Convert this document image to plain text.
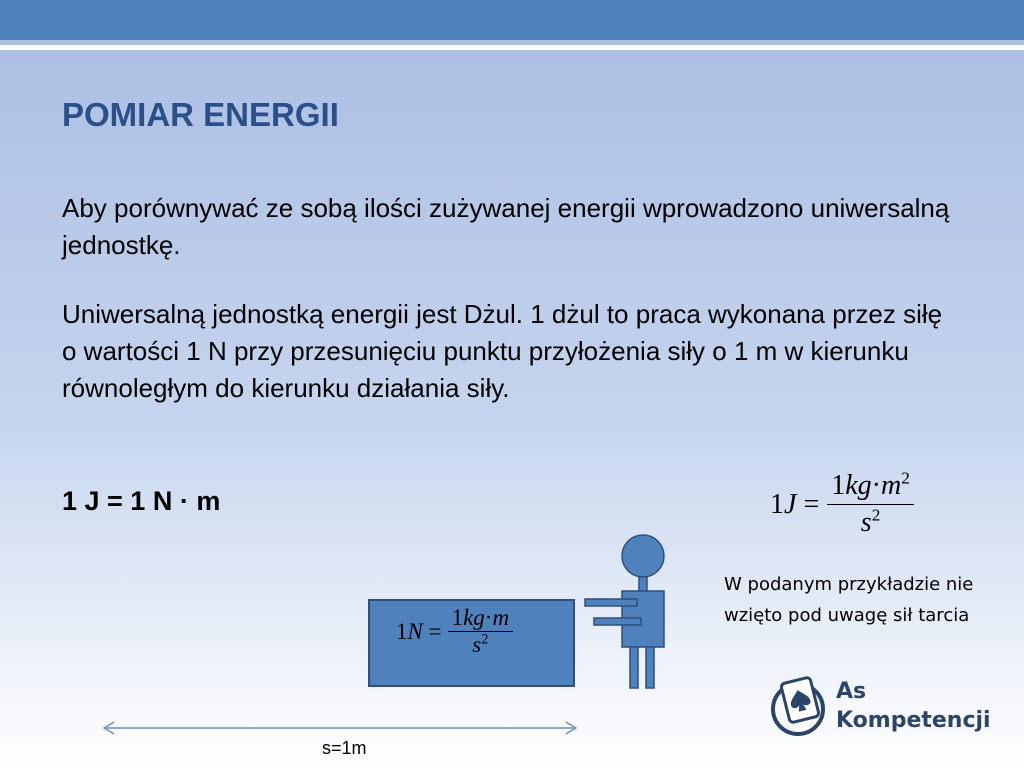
POMIAR ENERGII
Aby porównywać ze sobą ilości zużywanej energii wprowadzono uniwersalną jednostkę.
Uniwersalną jednostką energii jest Dżul. 1 dżul to praca wykonana przez siłę o wartości 1 N przy przesunięciu punktu przyłożenia siły o 1 m w kierunku równoległym do kierunku działania siły.
1 J = 1 N · m	$1J = \frac{1kg\cdot m^2}{s^2}$
W podanym przykładzie nie wzięto pod uwagę sił tarcia
$1N = \frac{1kg\cdot m}{s^2}$
s=1m
As
Kompetencji
